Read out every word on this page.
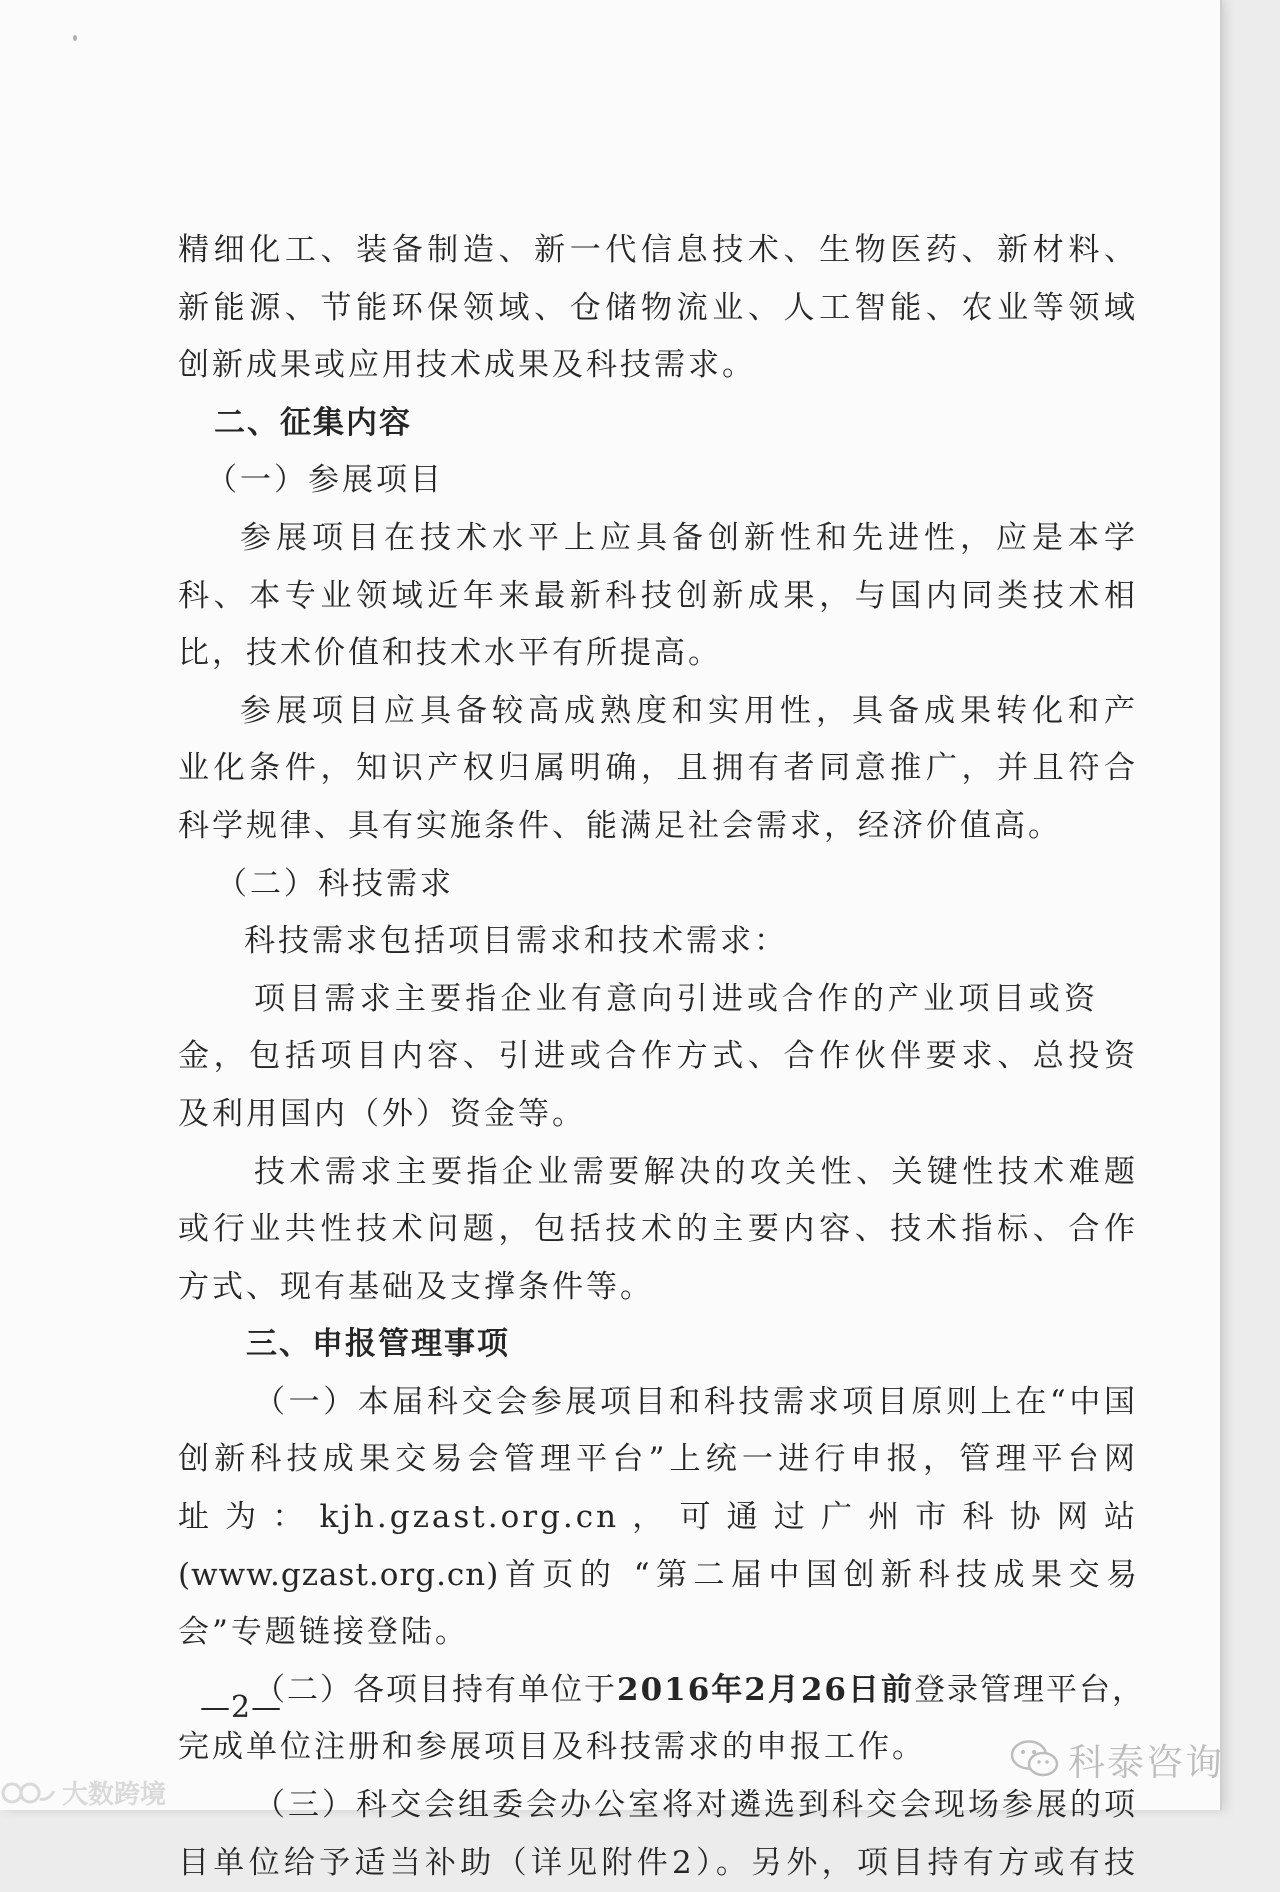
精细化工、装备制造、新一代信息技术、生物医药、新材料、
新能源、节能环保领域、仓储物流业、人工智能、农业等领域
创新成果或应用技术成果及科技需求。
二、征集内容
（一）参展项目
参展项目在技术水平上应具备创新性和先进性，应是本学
科、本专业领域近年来最新科技创新成果，与国内同类技术相
比，技术价值和技术水平有所提高。
参展项目应具备较高成熟度和实用性，具备成果转化和产
业化条件，知识产权归属明确，且拥有者同意推广，并且符合
科学规律、具有实施条件、能满足社会需求，经济价值高。
（二）科技需求
科技需求包括项目需求和技术需求：
项目需求主要指企业有意向引进或合作的产业项目或资
金，包括项目内容、引进或合作方式、合作伙伴要求、总投资
及利用国内（外）资金等。
技术需求主要指企业需要解决的攻关性、关键性技术难题
或行业共性技术问题，包括技术的主要内容、技术指标、合作
方式、现有基础及支撑条件等。
三、申报管理事项
（一）本届科交会参展项目和科技需求项目原则上在“中国
创新科技成果交易会管理平台”上统一进行申报，管理平台网
址为：kjh.gzast.org.cn，可通过广州市科协网站
(www.gzast.org.cn)首页的 “第二届中国创新科技成果交易
会”专题链接登陆。
（二）各项目持有单位于2016年2月26日前登录管理平台，
完成单位注册和参展项目及科技需求的申报工作。
（三）科交会组委会办公室将对遴选到科交会现场参展的项
目单位给予适当补助（详见附件2）。另外，项目持有方或有技
—2—
科泰咨询
大数跨境
